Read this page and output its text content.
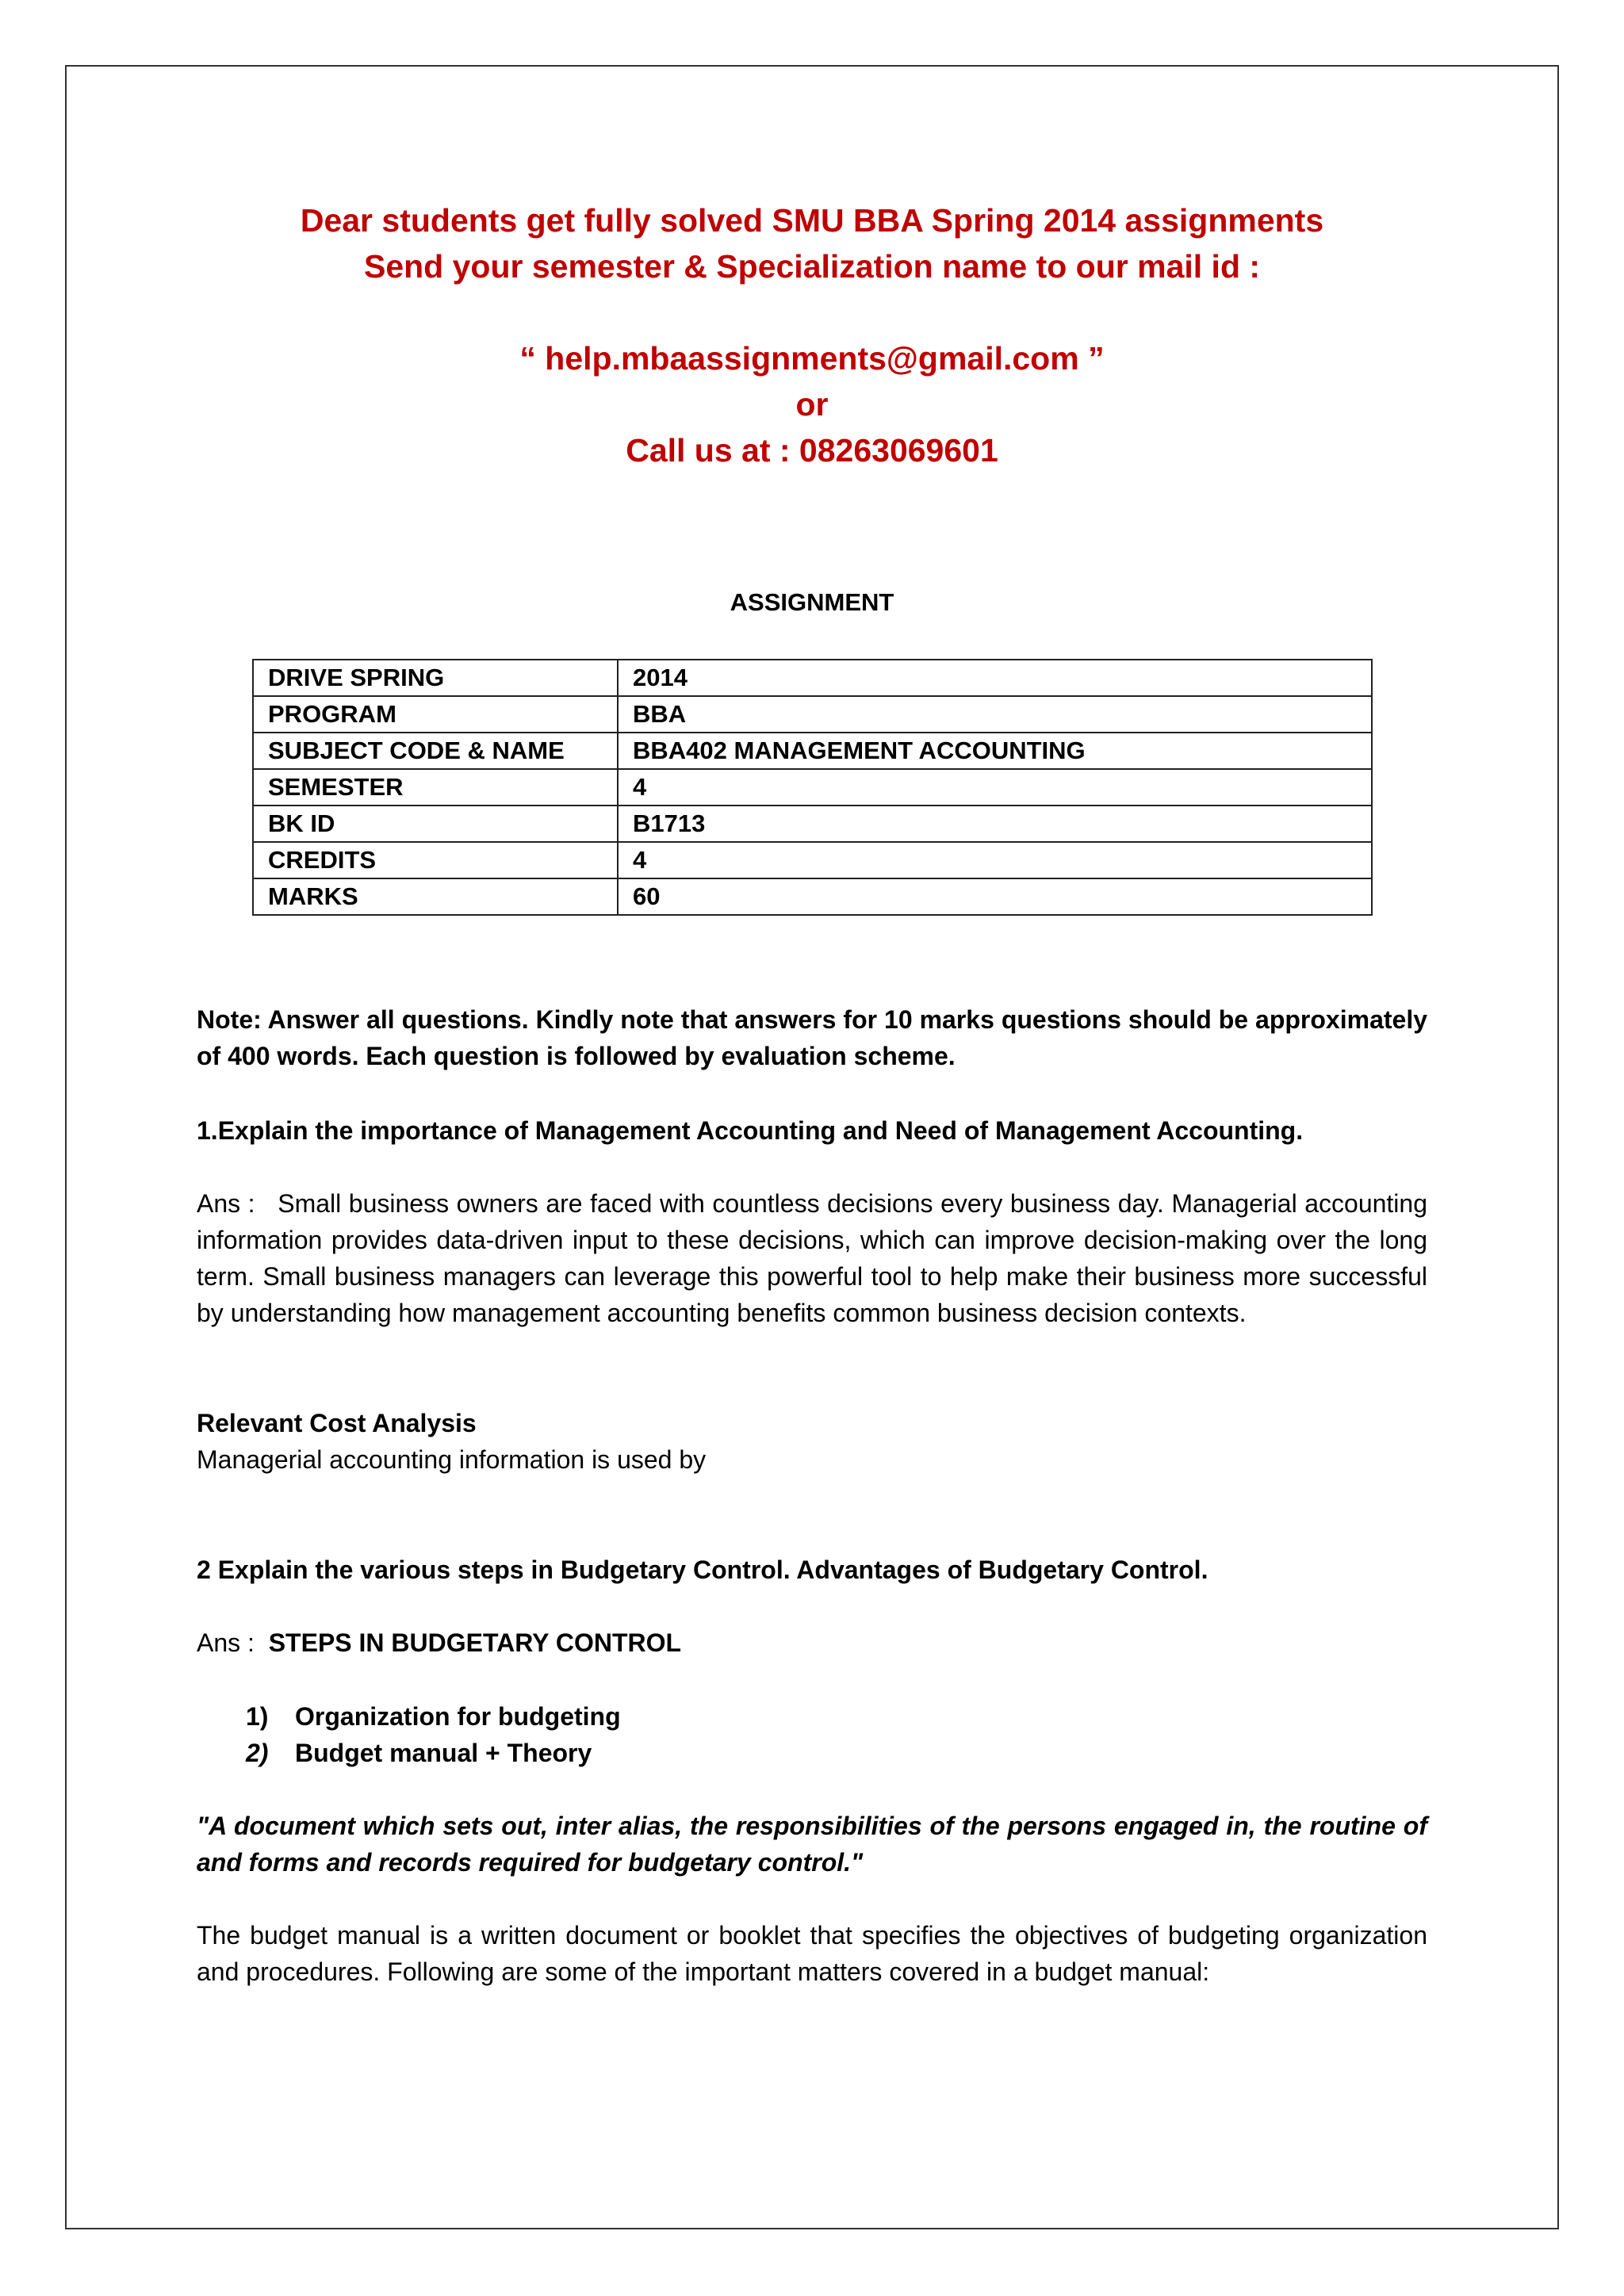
Dear students get fully solved SMU BBA Spring 2014 assignments
Send your semester & Specialization name to our mail id :
“ help.mbaassignments@gmail.com ”
or
Call us at : 08263069601
ASSIGNMENT
DRIVE SPRING	2014
PROGRAM	BBA
SUBJECT CODE & NAME	BBA402 MANAGEMENT ACCOUNTING
SEMESTER	4
BK ID	B1713
CREDITS	4
MARKS	60
Note: Answer all questions. Kindly note that answers for 10 marks questions should be approximately of 400 words. Each question is followed by evaluation scheme.
1.Explain the importance of Management Accounting and Need of Management Accounting.
Ans : Small business owners are faced with countless decisions every business day. Managerial accounting information provides data-driven input to these decisions, which can improve decision-making over the long term. Small business managers can leverage this powerful tool to help make their business more successful by understanding how management accounting benefits common business decision contexts.
Relevant Cost Analysis
Managerial accounting information is used by
2 Explain the various steps in Budgetary Control. Advantages of Budgetary Control.
Ans : STEPS IN BUDGETARY CONTROL
1) Organization for budgeting
2) Budget manual + Theory
"A document which sets out, inter alias, the responsibilities of the persons engaged in, the routine of and forms and records required for budgetary control."
The budget manual is a written document or booklet that specifies the objectives of budgeting organization and procedures. Following are some of the important matters covered in a budget manual:
